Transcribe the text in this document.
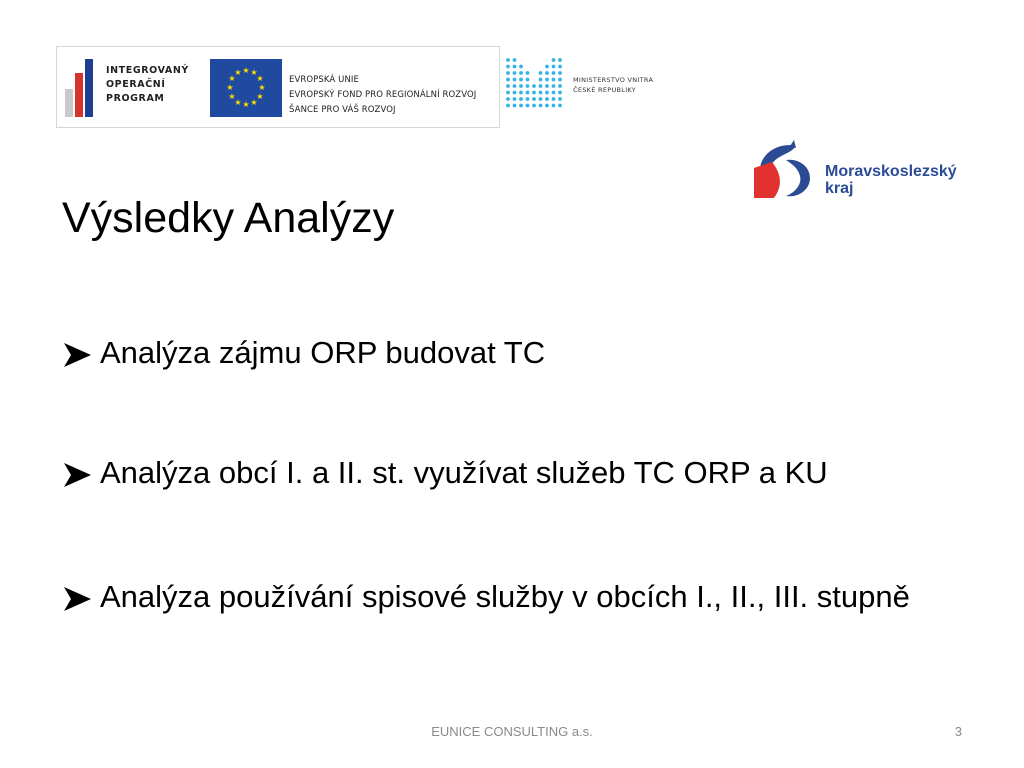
INTEGROVANÝ
OPERAČNÍ
PROGRAM
★ ★
★
★
★
★
★
★
★
★
★
★
EVROPSKÁ UNIE
EVROPSKÝ FOND PRO REGIONÁLNÍ ROZVOJ
ŠANCE PRO VÁŠ ROZVOJ
MINISTERSTVO VNITRA
ČESKÉ REPUBLIKY
Moravskoslezský
kraj
Výsledky Analýzy
Analýza zájmu ORP budovat TC
Analýza obcí I. a II. st. využívat služeb TC ORP a KU
Analýza používání spisové služby v obcích I., II., III. stupně
EUNICE CONSULTING a.s.	3
